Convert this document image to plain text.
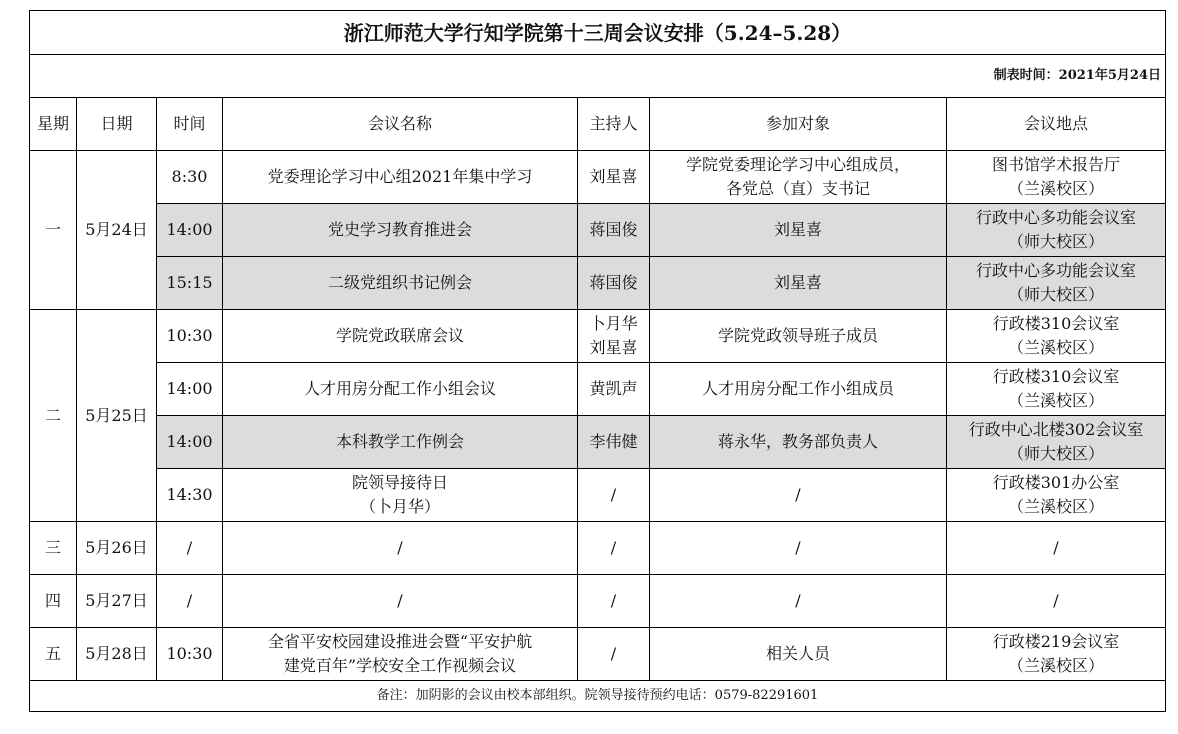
浙江师范大学行知学院第十三周会议安排（5.24–5.28）						
制表时间：2021年5月24日						
星期	日期	时间	会议名称	主持人	参加对象	会议地点
一	5月24日	8:30	党委理论学习中心组2021年集中学习	刘星喜	学院党委理论学习中心组成员，
各党总（直）支书记	图书馆学术报告厅
（兰溪校区）

		14:00	党史学习教育推进会	蒋国俊	刘星喜	行政中心多功能会议室
（师大校区）

		15:15	二级党组织书记例会	蒋国俊	刘星喜	行政中心多功能会议室
（师大校区）

二	5月25日	10:30	学院党政联席会议	卜月华
刘星喜	学院党政领导班子成员	行政楼310会议室
（兰溪校区）

		14:00	人才用房分配工作小组会议	黄凯声	人才用房分配工作小组成员	行政楼310会议室
（兰溪校区）

		14:00	本科教学工作例会	李伟健	蒋永华，教务部负责人	行政中心北楼302会议室
（师大校区）

		14:30	院领导接待日
（卜月华）	/	/	行政楼301办公室
（兰溪校区）

三	5月26日	/	/	/	/	/

四	5月27日	/	/	/	/	/

五	5月28日	10:30	全省平安校园建设推进会暨“平安护航
建党百年”学校安全工作视频会议	/	相关人员	行政楼219会议室
（兰溪校区）

备注：加阴影的会议由校本部组织。院领导接待预约电话：0579-82291601						
